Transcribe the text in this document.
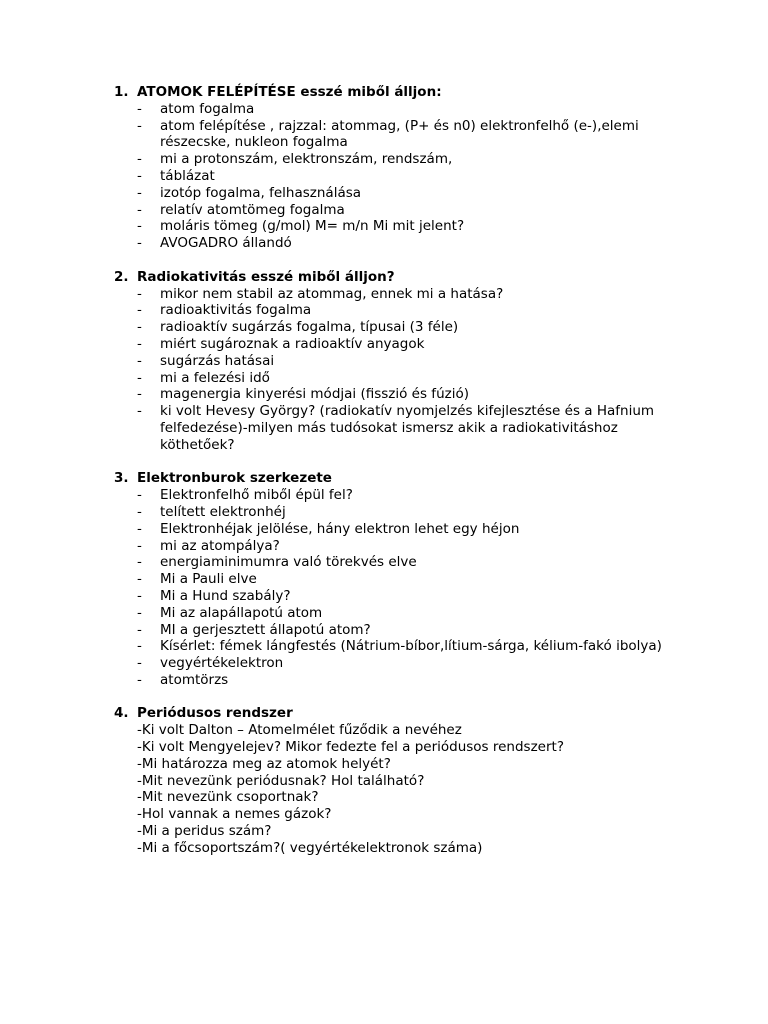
1. ATOMOK FELÉPÍTÉSE esszé miből álljon:
-	atom fogalma
-	atom felépítése , rajzzal: atommag, (P+ és n0) elektronfelhő (e-),elemi részecske, nukleon fogalma
-	mi a protonszám, elektronszám, rendszám,
-	táblázat
-	izotóp fogalma, felhasználása
-	relatív atomtömeg fogalma
-	moláris tömeg (g/mol) M= m/n Mi mit jelent?
-	AVOGADRO állandó
2. Radiokativitás esszé miből álljon?
-	mikor nem stabil az atommag, ennek mi a hatása?
-	radioaktivitás fogalma
-	radioaktív sugárzás fogalma, típusai (3 féle)
-	miért sugároznak a radioaktív anyagok
-	sugárzás hatásai
-	mi a felezési idő
-	magenergia kinyerési módjai (fisszió és fúzió)
-	ki volt Hevesy György? (radiokatív nyomjelzés kifejlesztése és a Hafnium felfedezése)-milyen más tudósokat ismersz akik a radiokativitáshoz köthetőek?
3. Elektronburok szerkezete
-	Elektronfelhő miből épül fel?
-	telített elektronhéj
-	Elektronhéjak jelölése, hány elektron lehet egy héjon
-	mi az atompálya?
-	energiaminimumra való törekvés elve
-	Mi a Pauli elve
-	Mi a Hund szabály?
-	Mi az alapállapotú atom
-	MI a gerjesztett állapotú atom?
-	Kísérlet: fémek lángfestés (Nátrium-bíbor,lítium-sárga, kélium-fakó ibolya)
-	vegyértékelektron
-	atomtörzs
4. Periódusos rendszer
-Ki volt Dalton – Atomelmélet fűződik a nevéhez
-Ki volt Mengyelejev? Mikor fedezte fel a periódusos rendszert?
-Mi határozza meg az atomok helyét?
-Mit nevezünk periódusnak? Hol található?
-Mit nevezünk csoportnak?
-Hol vannak a nemes gázok?
-Mi a peridus szám?
-Mi a főcsoportszám?( vegyértékelektronok száma)
